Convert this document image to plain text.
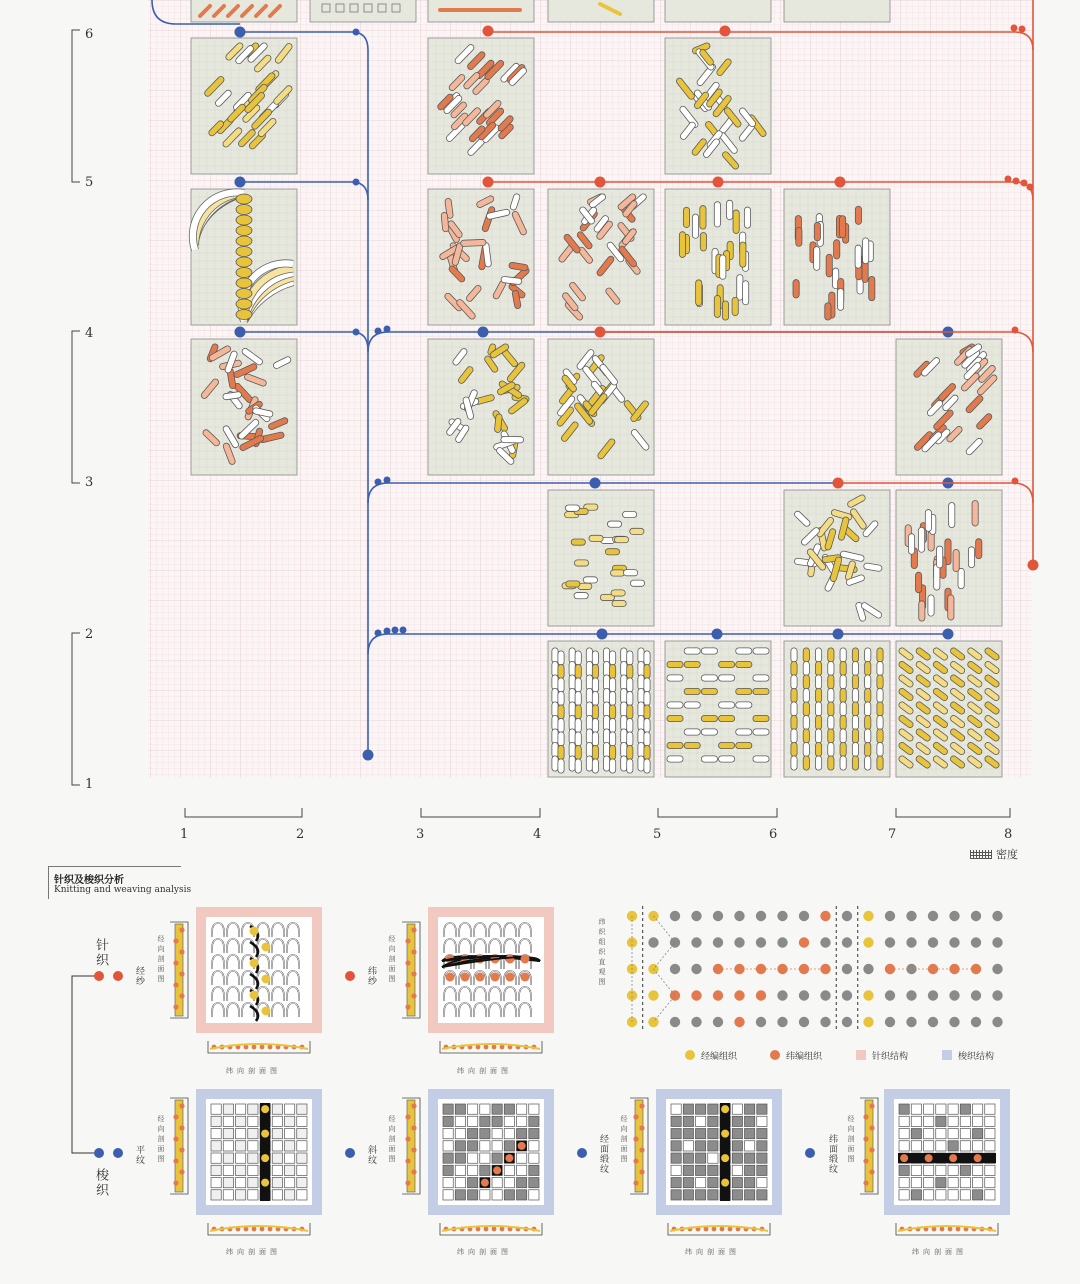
6
5
4
3
2
1
1	2	3	4	5	6	7	8
密度
针织及梭织分析
Knitting and weaving analysis
针织
梭织
经纱	纬纱
平纹	斜纹	经面缎纹	纬面缎纹
经向剖面图	经向剖面图
经向剖面图	经向剖面图	经向剖面图	经向剖面图
纬织组织直观图
纬向剖面图	纬向剖面图
纬向剖面图	纬向剖面图	纬向剖面图	纬向剖面图
经编组织	纬编组织	针织结构	梭织结构
